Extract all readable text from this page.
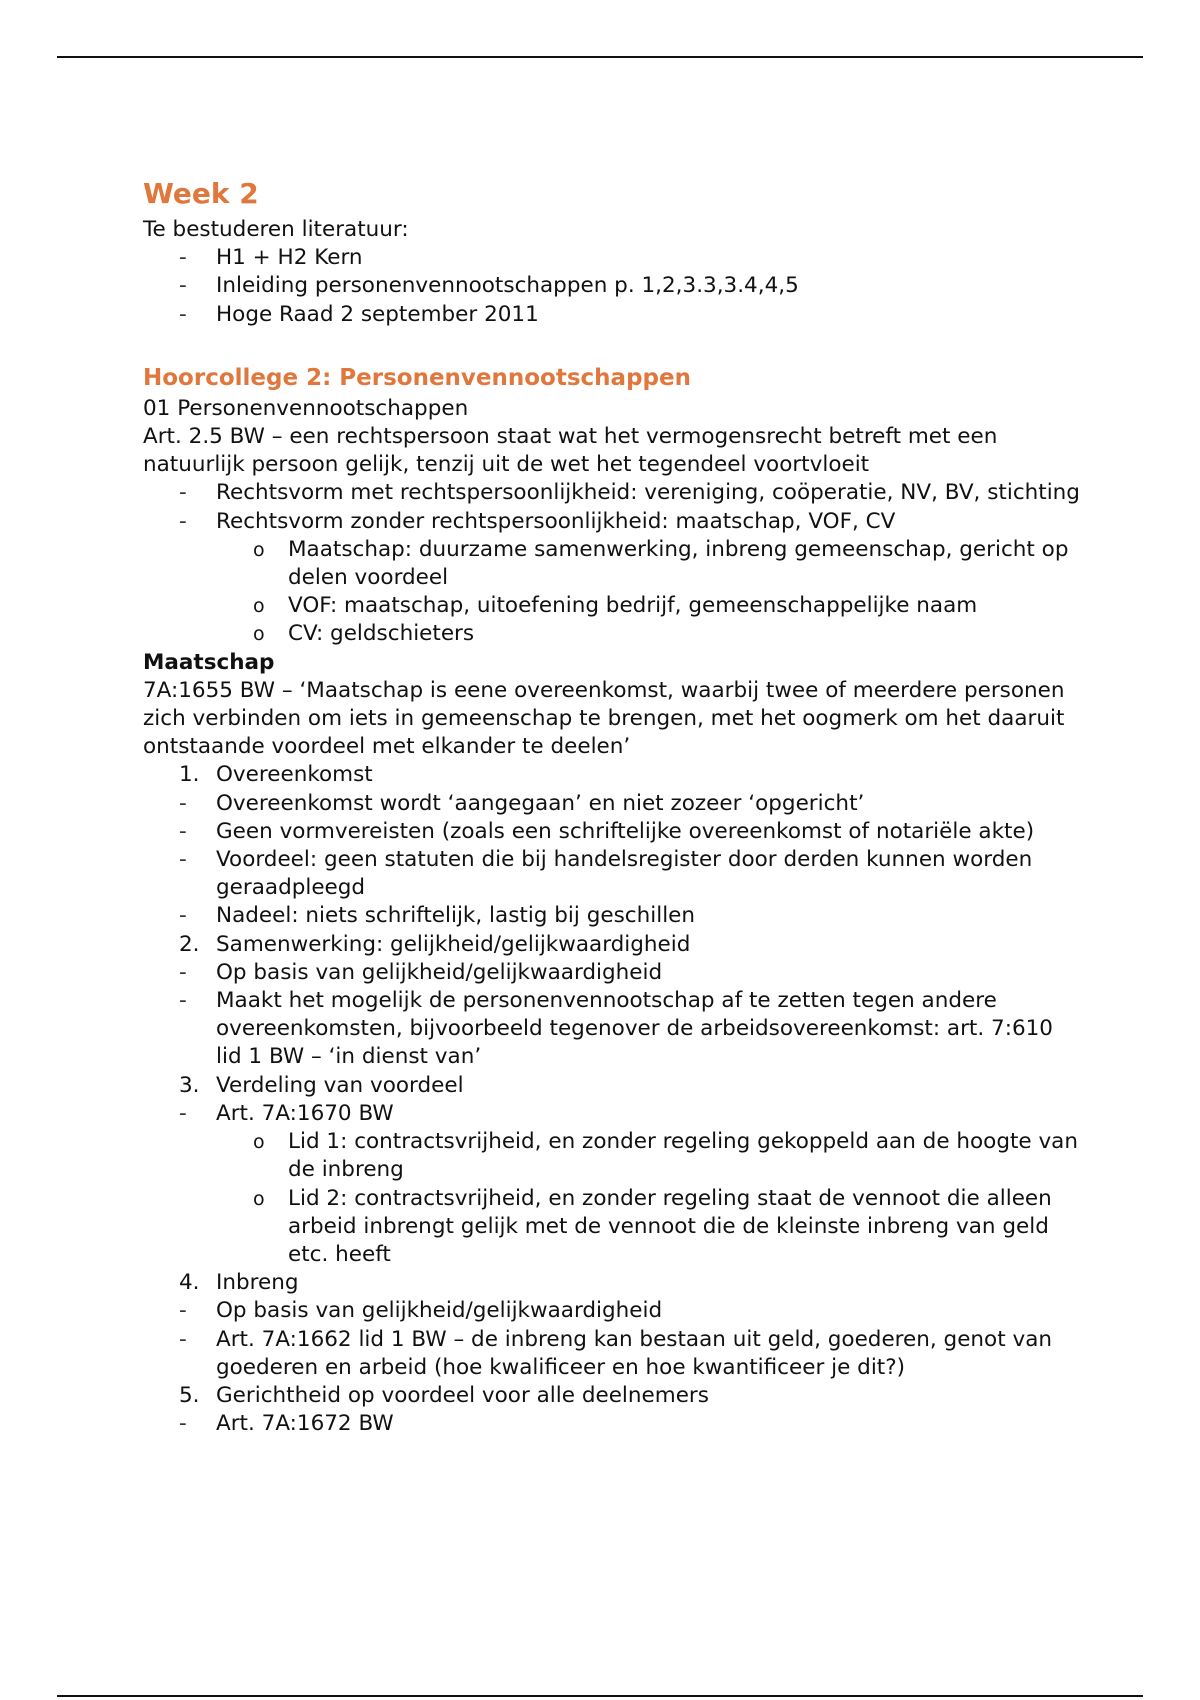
Week 2

Te bestuderen literatuur:

- H1 + H2 Kern
- Inleiding personenvennootschappen p. 1,2,3.3,3.4,4,5
- Hoge Raad 2 september 2011
Hoorcollege 2: Personenvennootschappen

01 Personenvennootschappen

Art. 2.5 BW – een rechtspersoon staat wat het vermogensrecht betreft met een natuurlijk persoon gelijk, tenzij uit de wet het tegendeel voortvloeit

- Rechtsvorm met rechtspersoonlijkheid: vereniging, coöperatie, NV, BV, stichting
- Rechtsvorm zonder rechtspersoonlijkheid: maatschap, VOF, CV
o Maatschap: duurzame samenwerking, inbreng gemeenschap, gericht op delen voordeel
o VOF: maatschap, uitoefening bedrijf, gemeenschappelijke naam
o CV: geldschieters

Maatschap

7A:1655 BW – ‘Maatschap is eene overeenkomst, waarbij twee of meerdere personen zich verbinden om iets in gemeenschap te brengen, met het oogmerk om het daaruit ontstaande voordeel met elkander te deelen’

1. Overeenkomst
- Overeenkomst wordt ‘aangegaan’ en niet zozeer ‘opgericht’
- Geen vormvereisten (zoals een schriftelijke overeenkomst of notariële akte)
- Voordeel: geen statuten die bij handelsregister door derden kunnen worden geraadpleegd
- Nadeel: niets schriftelijk, lastig bij geschillen
2. Samenwerking: gelijkheid/gelijkwaardigheid
- Op basis van gelijkheid/gelijkwaardigheid
- Maakt het mogelijk de personenvennootschap af te zetten tegen andere overeenkomsten, bijvoorbeeld tegenover de arbeidsovereenkomst: art. 7:610 lid 1 BW – ‘in dienst van’
3. Verdeling van voordeel
- Art. 7A:1670 BW
o Lid 1: contractsvrijheid, en zonder regeling gekoppeld aan de hoogte van de inbreng
o Lid 2: contractsvrijheid, en zonder regeling staat de vennoot die alleen arbeid inbrengt gelijk met de vennoot die de kleinste inbreng van geld etc. heeft
4. Inbreng
- Op basis van gelijkheid/gelijkwaardigheid
- Art. 7A:1662 lid 1 BW – de inbreng kan bestaan uit geld, goederen, genot van goederen en arbeid (hoe kwalificeer en hoe kwantificeer je dit?)
5. Gerichtheid op voordeel voor alle deelnemers
- Art. 7A:1672 BW
